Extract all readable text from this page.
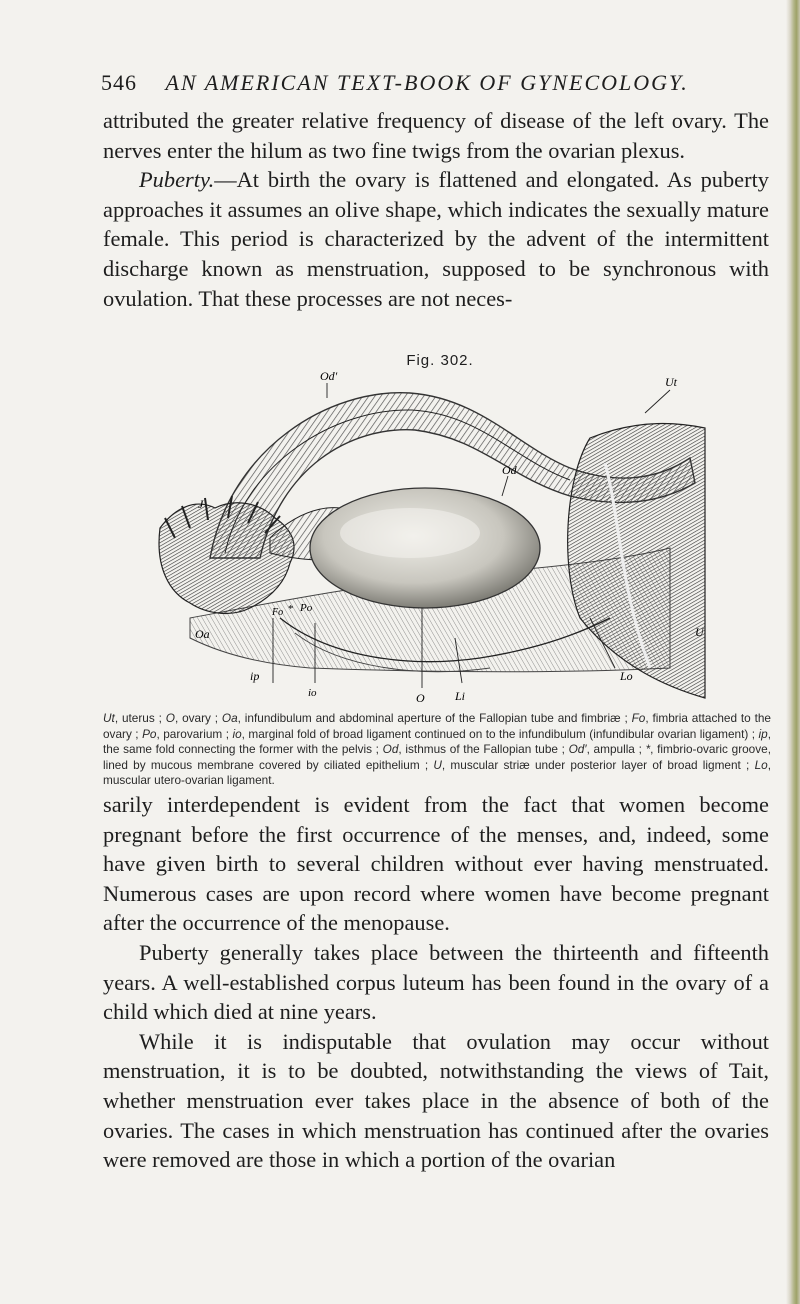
546 AN AMERICAN TEXT-BOOK OF GYNECOLOGY.

attributed the greater relative frequency of disease of the left ovary. The nerves enter the hilum as two fine twigs from the ovarian plexus.

Puberty.—At birth the ovary is flattened and elongated. As puberty approaches it assumes an olive shape, which indicates the sexually mature female. This period is characterized by the advent of the intermittent discharge known as menstruation, supposed to be synchronous with ovulation. That these processes are not neces-

Fig. 302.
Od′	Ut
Od
J
Fo * Po
Oa
ip
io	O	Li
Lo
U
Ut, uterus ; O, ovary ; Oa, infundibulum and abdominal aperture of the Fallopian tube and fimbriæ ; Fo, fimbria attached to the ovary ; Po, parovarium ; io, marginal fold of broad ligament continued on to the infundibulum (infundibular ovarian ligament) ; ip, the same fold connecting the former with the pelvis ; Od, isthmus of the Fallopian tube ; Od′, ampulla ; *, fimbrio-ovaric groove, lined by mucous membrane covered by ciliated epithelium ; U, muscular striæ under posterior layer of broad ligment ; Lo, muscular utero-ovarian ligament.

sarily interdependent is evident from the fact that women become pregnant before the first occurrence of the menses, and, indeed, some have given birth to several children without ever having menstruated. Numerous cases are upon record where women have become pregnant after the occurrence of the menopause.

Puberty generally takes place between the thirteenth and fifteenth years. A well-established corpus luteum has been found in the ovary of a child which died at nine years.

While it is indisputable that ovulation may occur without menstruation, it is to be doubted, notwithstanding the views of Tait, whether menstruation ever takes place in the absence of both of the ovaries. The cases in which menstruation has continued after the ovaries were removed are those in which a portion of the ovarian
